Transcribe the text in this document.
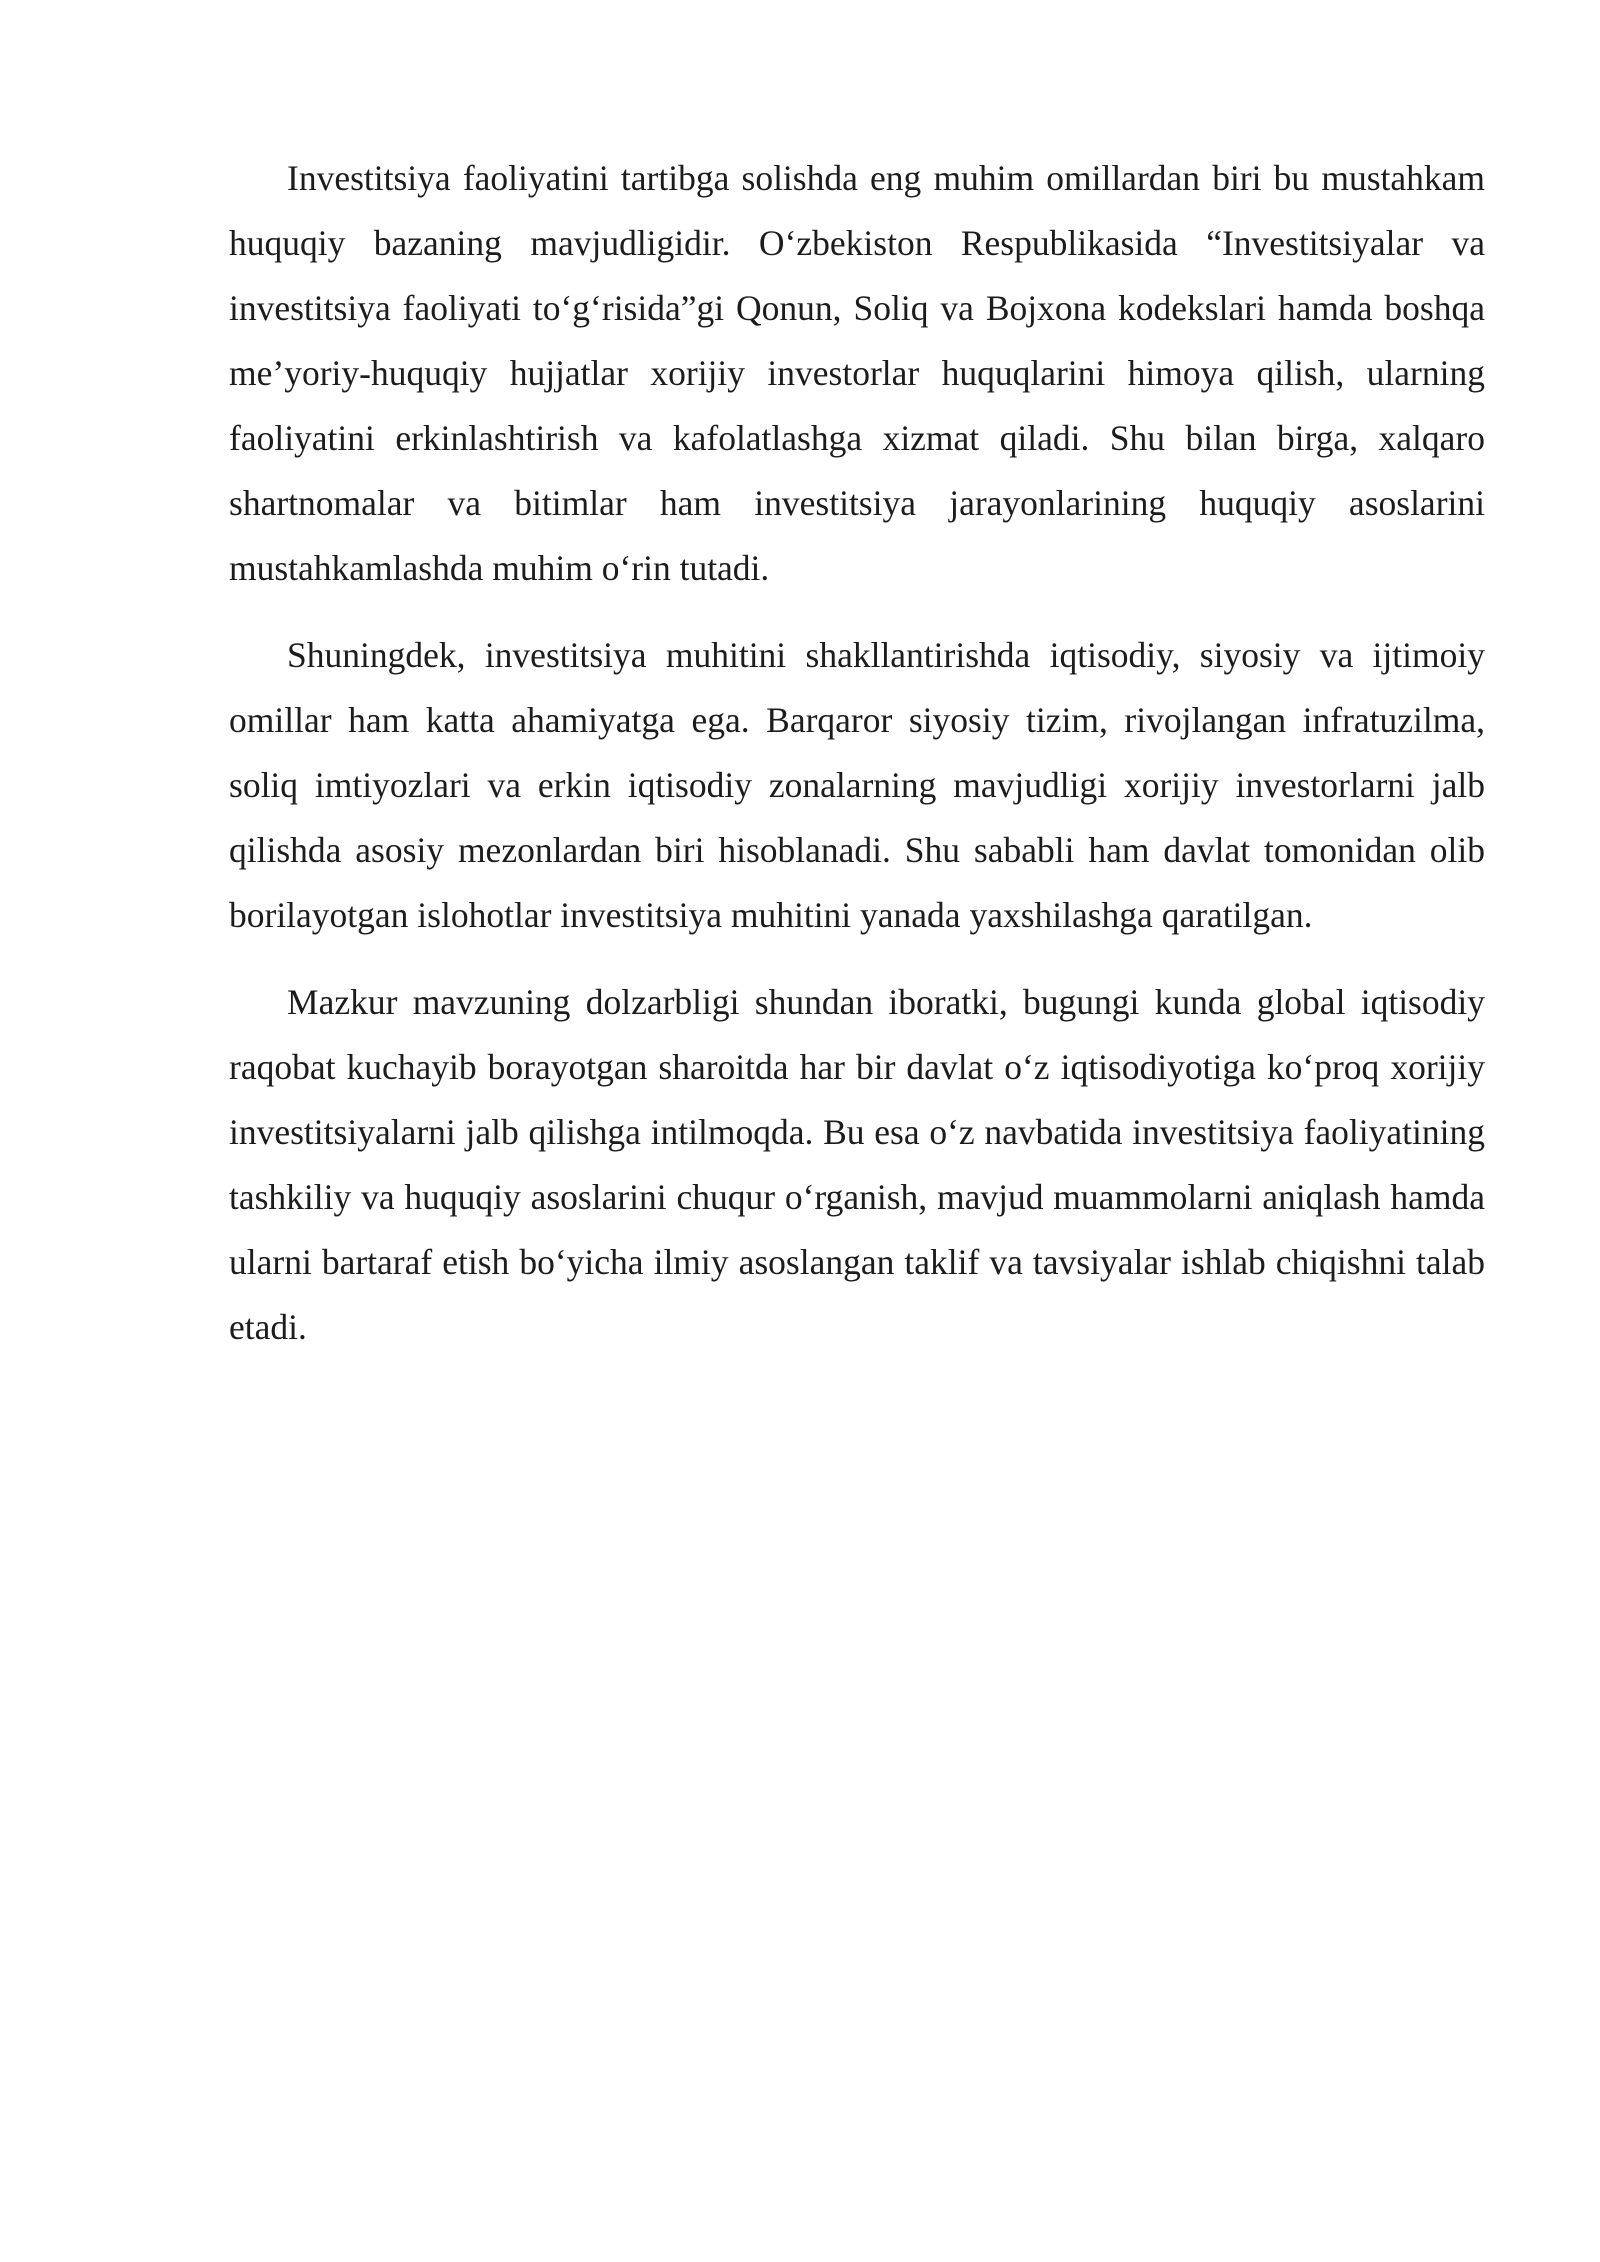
Investitsiya faoliyatini tartibga solishda eng muhim omillardan biri bu mustahkam huquqiy bazaning mavjudligidir. O‘zbekiston Respublikasida “Investitsiyalar va investitsiya faoliyati to‘g‘risida”gi Qonun, Soliq va Bojxona kodekslari hamda boshqa me’yoriy-huquqiy hujjatlar xorijiy investorlar huquqlarini himoya qilish, ularning faoliyatini erkinlashtirish va kafolatlashga xizmat qiladi. Shu bilan birga, xalqaro shartnomalar va bitimlar ham investitsiya jarayonlarining huquqiy asoslarini mustahkamlashda muhim o‘rin tutadi.

Shuningdek, investitsiya muhitini shakllantirishda iqtisodiy, siyosiy va ijtimoiy omillar ham katta ahamiyatga ega. Barqaror siyosiy tizim, rivojlangan infratuzilma, soliq imtiyozlari va erkin iqtisodiy zonalarning mavjudligi xorijiy investorlarni jalb qilishda asosiy mezonlardan biri hisoblanadi. Shu sababli ham davlat tomonidan olib borilayotgan islohotlar investitsiya muhitini yanada yaxshilashga qaratilgan.

Mazkur mavzuning dolzarbligi shundan iboratki, bugungi kunda global iqtisodiy raqobat kuchayib borayotgan sharoitda har bir davlat o‘z iqtisodiyotiga ko‘proq xorijiy investitsiyalarni jalb qilishga intilmoqda. Bu esa o‘z navbatida investitsiya faoliyatining tashkiliy va huquqiy asoslarini chuqur o‘rganish, mavjud muammolarni aniqlash hamda ularni bartaraf etish bo‘yicha ilmiy asoslangan taklif va tavsiyalar ishlab chiqishni talab etadi.
